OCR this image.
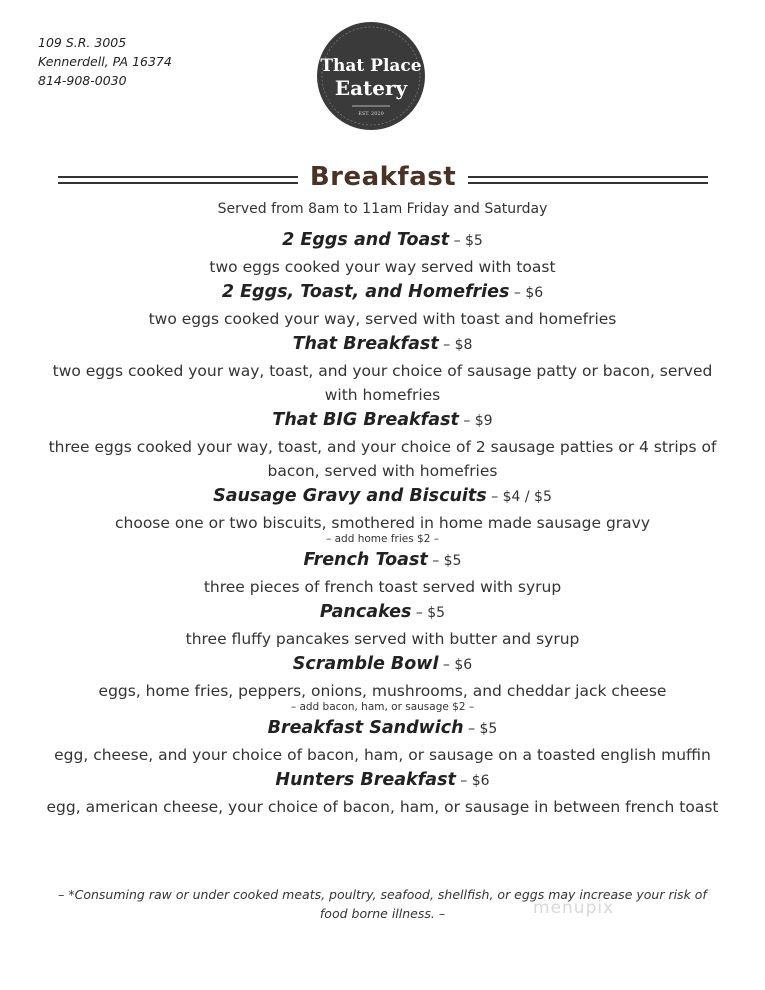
109 S.R. 3005
Kennerdell, PA 16374
814-908-0030
That Place
Eatery
EST. 2020
Breakfast
Served from 8am to 11am Friday and Saturday
2 Eggs and Toast – $5
two eggs cooked your way served with toast
2 Eggs, Toast, and Homefries – $6
two eggs cooked your way, served with toast and homefries
That Breakfast – $8
two eggs cooked your way, toast, and your choice of sausage patty or bacon, served with homefries
That BIG Breakfast – $9
three eggs cooked your way, toast, and your choice of 2 sausage patties or 4 strips of bacon, served with homefries
Sausage Gravy and Biscuits – $4 / $5
choose one or two biscuits, smothered in home made sausage gravy
– add home fries $2 –
French Toast – $5
three pieces of french toast served with syrup
Pancakes – $5
three fluffy pancakes served with butter and syrup
Scramble Bowl – $6
eggs, home fries, peppers, onions, mushrooms, and cheddar jack cheese
– add bacon, ham, or sausage $2 –
Breakfast Sandwich – $5
egg, cheese, and your choice of bacon, ham, or sausage on a toasted english muffin
Hunters Breakfast – $6
egg, american cheese, your choice of bacon, ham, or sausage in between french toast
– *Consuming raw or under cooked meats, poultry, seafood, shellfish, or eggs may increase your risk of food borne illness. –	menupix
